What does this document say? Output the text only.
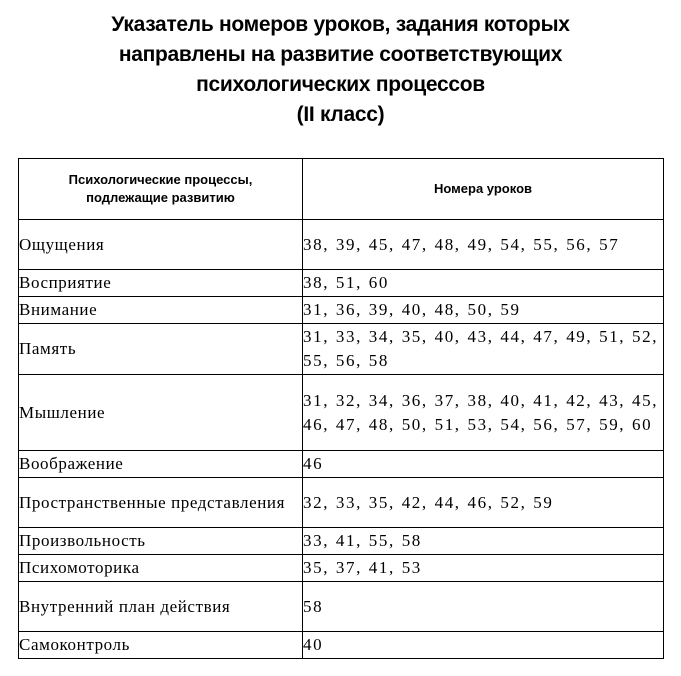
Указатель номеров уроков, задания которых
направлены на развитие соответствующих
психологических процессов
(II класс)
Психологические процессы,
подлежащие развитию	Номера уроков
Ощущения	38, 39, 45, 47, 48, 49, 54, 55, 56, 57
Восприятие	38, 51, 60
Внимание	31, 36, 39, 40, 48, 50, 59
Память	31, 33, 34, 35, 40, 43, 44, 47, 49, 51, 52, 55, 56, 58
Мышление	31, 32, 34, 36, 37, 38, 40, 41, 42, 43, 45, 46, 47, 48, 50, 51, 53, 54, 56, 57, 59, 60
Воображение	46
Пространственные представления	32, 33, 35, 42, 44, 46, 52, 59
Произвольность	33, 41, 55, 58
Психомоторика	35, 37, 41, 53
Внутренний план действия	58
Самоконтроль	40
